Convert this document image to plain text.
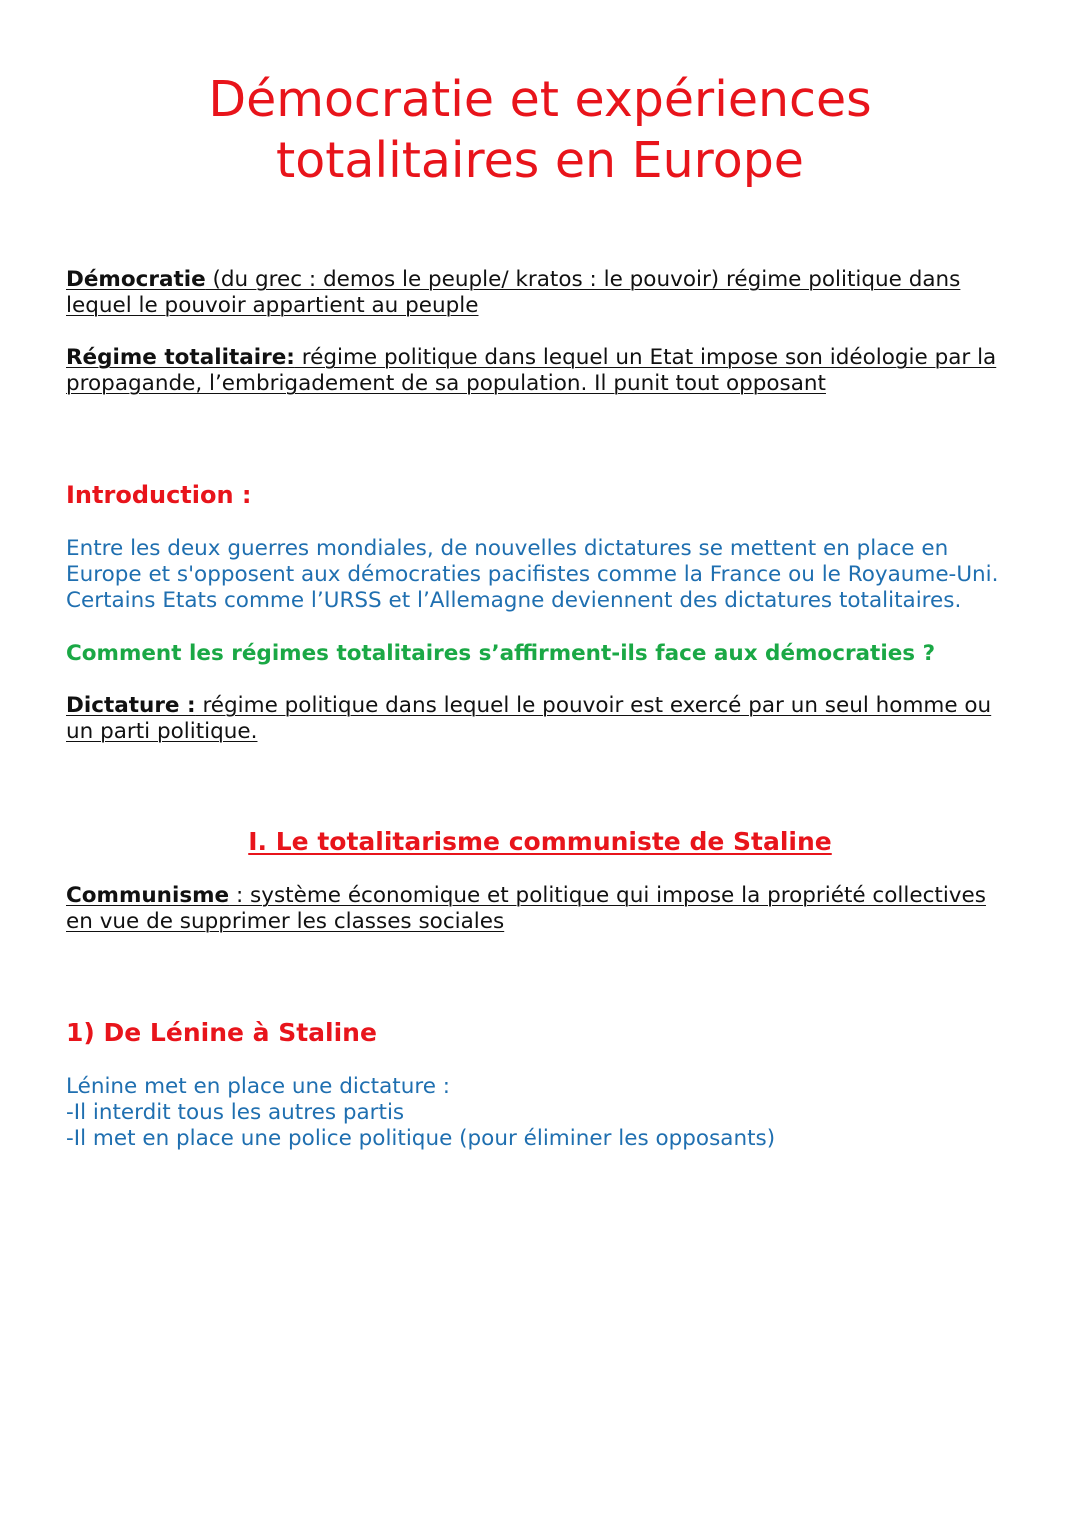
Démocratie et expériences
totalitaires en Europe

Démocratie (du grec : demos le peuple/ kratos : le pouvoir) régime politique dans
lequel le pouvoir appartient au peuple

Régime totalitaire: régime politique dans lequel un Etat impose son idéologie par la
propagande, l’embrigadement de sa population. Il punit tout opposant

Introduction :

Entre les deux guerres mondiales, de nouvelles dictatures se mettent en place en
Europe et s'opposent aux démocraties pacifistes comme la France ou le Royaume-Uni.
Certains Etats comme l’URSS et l’Allemagne deviennent des dictatures totalitaires.

Comment les régimes totalitaires s’affirment-ils face aux démocraties ?

Dictature : régime politique dans lequel le pouvoir est exercé par un seul homme ou
un parti politique.

I. Le totalitarisme communiste de Staline

Communisme : système économique et politique qui impose la propriété collectives
en vue de supprimer les classes sociales

1) De Lénine à Staline

Lénine met en place une dictature :
-Il interdit tous les autres partis
-Il met en place une police politique (pour éliminer les opposants)
